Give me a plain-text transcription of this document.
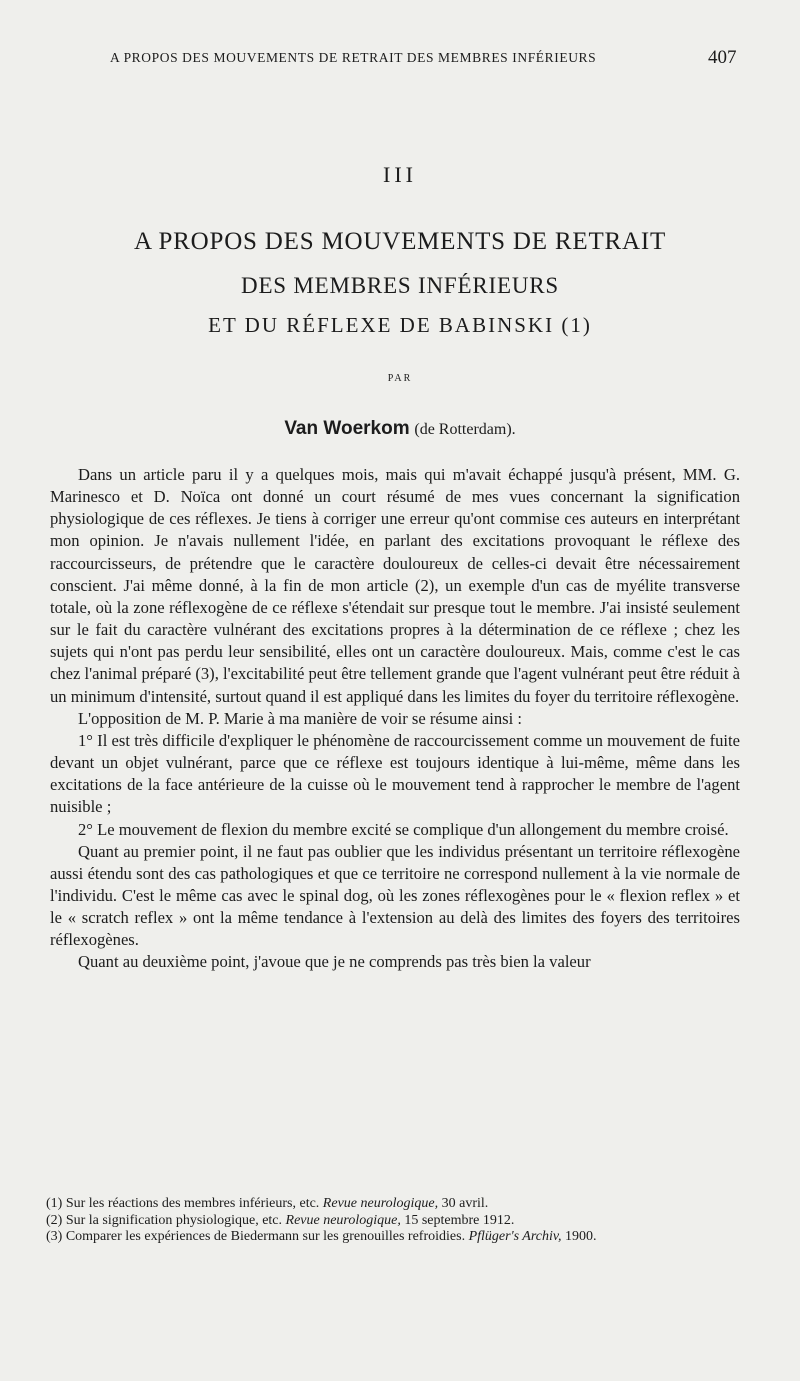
A PROPOS DES MOUVEMENTS DE RETRAIT DES MEMBRES INFÉRIEURS	407
III
A PROPOS DES MOUVEMENTS DE RETRAIT
DES MEMBRES INFÉRIEURS
ET DU RÉFLEXE DE BABINSKI (1)
PAR
Van Woerkom (de Rotterdam).

Dans un article paru il y a quelques mois, mais qui m'avait échappé jusqu'à présent, MM. G. Marinesco et D. Noïca ont donné un court résumé de mes vues concernant la signification physiologique de ces réflexes. Je tiens à corriger une erreur qu'ont commise ces auteurs en interprétant mon opinion. Je n'avais nullement l'idée, en parlant des excitations provoquant le réflexe des raccourcisseurs, de prétendre que le caractère douloureux de celles-ci devait être nécessairement conscient. J'ai même donné, à la fin de mon article (2), un exemple d'un cas de myélite transverse totale, où la zone réflexogène de ce réflexe s'étendait sur presque tout le membre. J'ai insisté seulement sur le fait du caractère vulnérant des excitations propres à la détermination de ce réflexe ; chez les sujets qui n'ont pas perdu leur sensibilité, elles ont un caractère douloureux. Mais, comme c'est le cas chez l'animal préparé (3), l'excitabilité peut être tellement grande que l'agent vulnérant peut être réduit à un minimum d'intensité, surtout quand il est appliqué dans les limites du foyer du territoire réflexogène.

L'opposition de M. P. Marie à ma manière de voir se résume ainsi :

1° Il est très difficile d'expliquer le phénomène de raccourcissement comme un mouvement de fuite devant un objet vulnérant, parce que ce réflexe est toujours identique à lui-même, même dans les excitations de la face antérieure de la cuisse où le mouvement tend à rapprocher le membre de l'agent nuisible ;

2° Le mouvement de flexion du membre excité se complique d'un allongement du membre croisé.

Quant au premier point, il ne faut pas oublier que les individus présentant un territoire réflexogène aussi étendu sont des cas pathologiques et que ce territoire ne correspond nullement à la vie normale de l'individu. C'est le même cas avec le spinal dog, où les zones réflexogènes pour le « flexion reflex » et le « scratch reflex » ont la même tendance à l'extension au delà des limites des foyers des territoires réflexogènes.

Quant au deuxième point, j'avoue que je ne comprends pas très bien la valeur

(1) Sur les réactions des membres inférieurs, etc. Revue neurologique, 30 avril.

(2) Sur la signification physiologique, etc. Revue neurologique, 15 septembre 1912.

(3) Comparer les expériences de Biedermann sur les grenouilles refroidies. Pflüger's Archiv, 1900.
